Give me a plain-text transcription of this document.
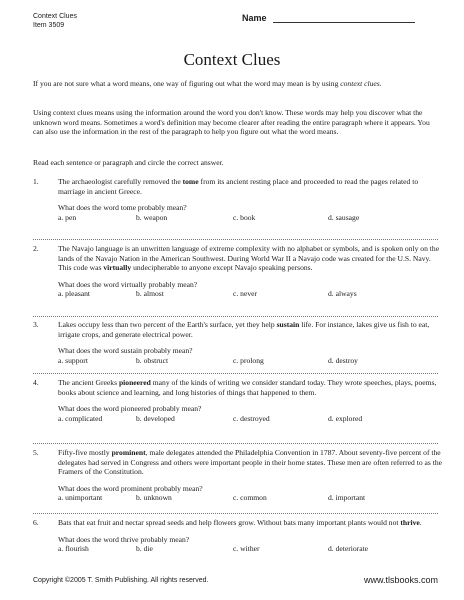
Context Clues
Item 3509
Name
Context Clues

If you are not sure what a word means, one way of figuring out what the word may mean is by using context clues.

Using context clues means using the information around the word you don't know. These words may help you discover what the unknown word means. Sometimes a word's definition may become clearer after reading the entire paragraph where it appears. You can also use the information in the rest of the paragraph to help you figure out what the word means.

Read each sentence or paragraph and circle the correct answer.

1.	The archaeologist carefully removed the tome from its ancient resting place and proceeded to read the pages related to marriage in ancient Greece.
What does the word tome probably mean?
a. pen	b. weapon	c. book	d. sausage
2.	The Navajo language is an unwritten language of extreme complexity with no alphabet or symbols, and is spoken only on the lands of the Navajo Nation in the American Southwest. During World War II a Navajo code was created for the U.S. Navy. This code was virtually undecipherable to anyone except Navajo speaking persons.
What does the word virtually probably mean?
a. pleasant	b. almost	c. never	d. always
3.	Lakes occupy less than two percent of the Earth's surface, yet they help sustain life. For instance, lakes give us fish to eat, irrigate crops, and generate electrical power.
What does the word sustain probably mean?
a. support	b. obstruct	c. prolong	d. destroy
4.	The ancient Greeks pioneered many of the kinds of writing we consider standard today. They wrote speeches, plays, poems, books about science and learning, and long histories of things that happened to them.
What does the word pioneered probably mean?
a. complicated	b. developed	c. destroyed	d. explored
5.	Fifty-five mostly prominent, male delegates attended the Philadelphia Convention in 1787. About seventy-five percent of the delegates had served in Congress and others were important people in their home states. These men are often referred to as the Framers of the Constitution.
What does the word prominent probably mean?
a. unimportant	b. unknown	c. common	d. important
6.	Bats that eat fruit and nectar spread seeds and help flowers grow. Without bats many important plants would not thrive.
What does the word thrive probably mean?
a. flourish	b. die	c. wither	d. deteriorate
Copyright ©2005 T. Smith Publishing. All rights reserved.	www.tlsbooks.com
